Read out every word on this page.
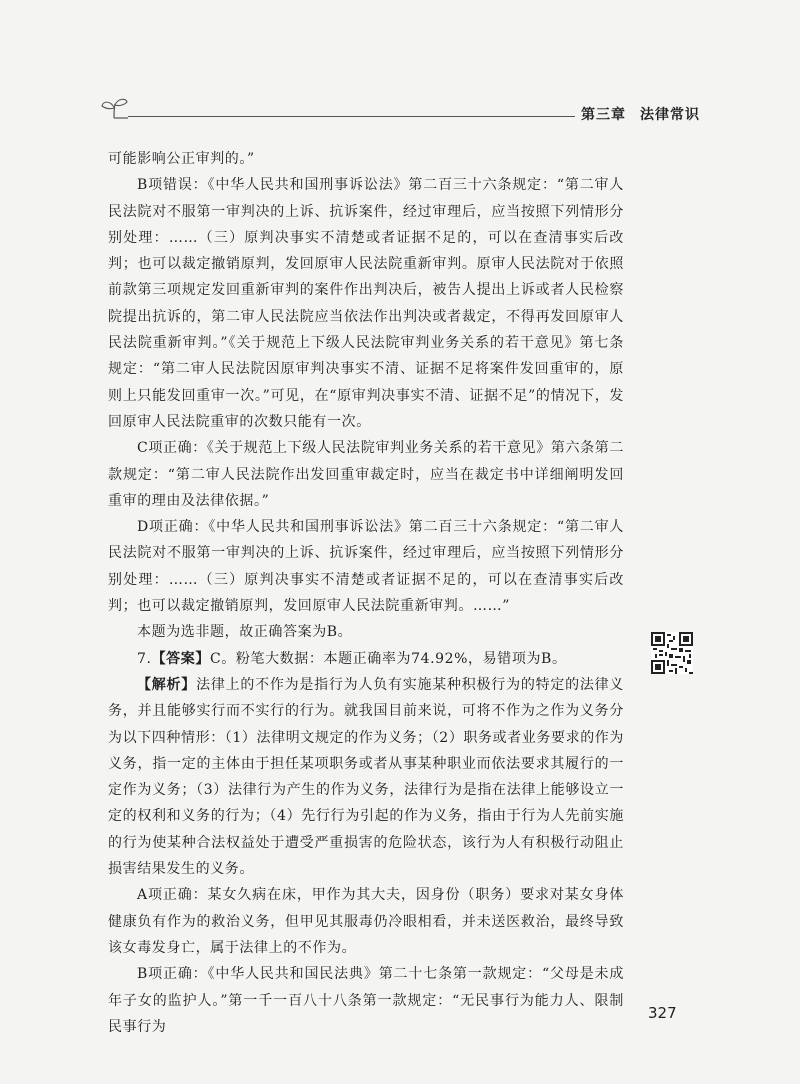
第三章 法律常识

可能影响公正审判的。”

B项错误：《中华人民共和国刑事诉讼法》第二百三十六条规定：“第二审人民法院对不服第一审判决的上诉、抗诉案件，经过审理后，应当按照下列情形分别处理：……（三）原判决事实不清楚或者证据不足的，可以在查清事实后改判；也可以裁定撤销原判，发回原审人民法院重新审判。原审人民法院对于依照前款第三项规定发回重新审判的案件作出判决后，被告人提出上诉或者人民检察院提出抗诉的，第二审人民法院应当依法作出判决或者裁定，不得再发回原审人民法院重新审判。”《关于规范上下级人民法院审判业务关系的若干意见》第七条规定：“第二审人民法院因原审判决事实不清、证据不足将案件发回重审的，原则上只能发回重审一次。”可见，在“原审判决事实不清、证据不足”的情况下，发回原审人民法院重审的次数只能有一次。

C项正确：《关于规范上下级人民法院审判业务关系的若干意见》第六条第二款规定：“第二审人民法院作出发回重审裁定时，应当在裁定书中详细阐明发回重审的理由及法律依据。”

D项正确：《中华人民共和国刑事诉讼法》第二百三十六条规定：“第二审人民法院对不服第一审判决的上诉、抗诉案件，经过审理后，应当按照下列情形分别处理：……（三）原判决事实不清楚或者证据不足的，可以在查清事实后改判；也可以裁定撤销原判，发回原审人民法院重新审判。……”

本题为选非题，故正确答案为B。

7.【答案】C。粉笔大数据：本题正确率为74.92%，易错项为B。

【解析】法律上的不作为是指行为人负有实施某种积极行为的特定的法律义务，并且能够实行而不实行的行为。就我国目前来说，可将不作为之作为义务分为以下四种情形：（1）法律明文规定的作为义务；（2）职务或者业务要求的作为义务，指一定的主体由于担任某项职务或者从事某种职业而依法要求其履行的一定作为义务；（3）法律行为产生的作为义务，法律行为是指在法律上能够设立一定的权利和义务的行为；（4）先行行为引起的作为义务，指由于行为人先前实施的行为使某种合法权益处于遭受严重损害的危险状态，该行为人有积极行动阻止损害结果发生的义务。

A项正确：某女久病在床，甲作为其大夫，因身份（职务）要求对某女身体健康负有作为的救治义务，但甲见其服毒仍冷眼相看，并未送医救治，最终导致该女毒发身亡，属于法律上的不作为。

B项正确：《中华人民共和国民法典》第二十七条第一款规定：“父母是未成年子女的监护人。”第一千一百八十八条第一款规定：“无民事行为能力人、限制民事行为

327
